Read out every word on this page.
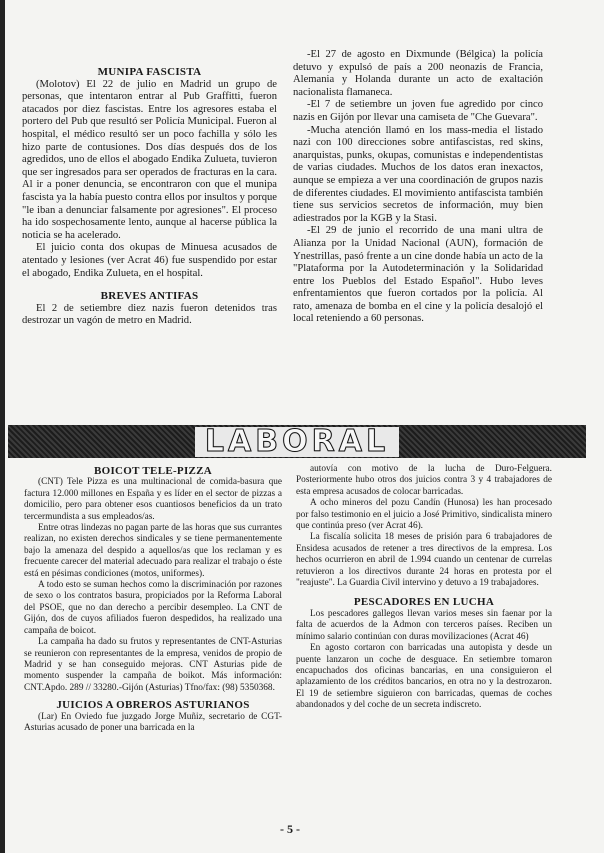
MUNIPA FASCISTA

(Molotov) El 22 de julio en Madrid un grupo de personas, que intentaron entrar al Pub Graffitti, fueron atacados por diez fascistas. Entre los agresores estaba el portero del Pub que resultó ser Policía Municipal. Fueron al hospital, el médico resultó ser un poco fachilla y sólo les hizo parte de contusiones. Dos días después dos de los agredidos, uno de ellos el abogado Endika Zulueta, tuvieron que ser ingresados para ser operados de fracturas en la cara. Al ir a poner denuncia, se encontraron con que el munipa fascista ya la había puesto contra ellos por insultos y porque "le iban a denunciar falsamente por agresiones". El proceso ha ido sospechosamente lento, aunque al hacerse pública la noticia se ha acelerado.

El juicio conta dos okupas de Minuesa acusados de atentado y lesiones (ver Acrat 46) fue suspendido por estar el abogado, Endika Zulueta, en el hospital.

BREVES ANTIFAS

El 2 de setiembre diez nazis fueron detenidos tras destrozar un vagón de metro en Madrid.

-El 27 de agosto en Dixmunde (Bélgica) la policía detuvo y expulsó de país a 200 neonazis de Francia, Alemania y Holanda durante un acto de exaltación nacionalista flamaneca.

-El 7 de setiembre un joven fue agredido por cinco nazis en Gijón por llevar una camiseta de "Che Guevara".

-Mucha atención llamó en los mass-media el listado nazi con 100 direcciones sobre antifascistas, red skins, anarquistas, punks, okupas, comunistas e independentistas de varias ciudades. Muchos de los datos eran inexactos, aunque se empieza a ver una coordinación de grupos nazis de diferentes ciudades. El movimiento antifascista también tiene sus servicios secretos de información, muy bien adiestrados por la KGB y la Stasi.

-El 29 de junio el recorrido de una mani ultra de Alianza por la Unidad Nacional (AUN), formación de Ynestrillas, pasó frente a un cine donde había un acto de la "Plataforma por la Autodeterminación y la Solidaridad entre los Pueblos del Estado Español". Hubo leves enfrentamientos que fueron cortados por la policía. Al rato, amenaza de bomba en el cine y la policía desalojó el local reteniendo a 60 personas.

LABORAL
BOICOT TELE-PIZZA

(CNT) Tele Pizza es una multinacional de comida-basura que factura 12.000 millones en España y es líder en el sector de pizzas a domicilio, pero para obtener esos cuantiosos beneficios da un trato tercermundista a sus empleados/as.

Entre otras lindezas no pagan parte de las horas que sus currantes realizan, no existen derechos sindicales y se tiene permanentemente bajo la amenaza del despido a aquellos/as que los reclaman y es frecuente carecer del material adecuado para realizar el trabajo o éste está en pésimas condiciones (motos, uniformes).

A todo esto se suman hechos como la discriminación por razones de sexo o los contratos basura, propiciados por la Reforma Laboral del PSOE, que no dan derecho a percibir desempleo. La CNT de Gijón, dos de cuyos afiliados fueron despedidos, ha realizado una campaña de boicot.

La campaña ha dado su frutos y representantes de CNT-Asturias se reunieron con representantes de la empresa, venidos de propio de Madrid y se han conseguido mejoras. CNT Asturias pide de momento suspender la campaña de boikot. Más información: CNT.Apdo. 289 // 33280.-Gijón (Asturias) Tfno/fax: (98) 5350368.

JUICIOS A OBREROS ASTURIANOS

(Lar) En Oviedo fue juzgado Jorge Muñiz, secretario de CGT-Asturias acusado de poner una barricada en la

autovía con motivo de la lucha de Duro-Felguera. Posteriormente hubo otros dos juicios contra 3 y 4 trabajadores de esta empresa acusados de colocar barricadas.

A ocho mineros del pozu Candín (Hunosa) les han procesado por falso testimonio en el juicio a José Primitivo, sindicalista minero que continúa preso (ver Acrat 46).

La fiscalía solicita 18 meses de prisión para 6 trabajadores de Ensidesa acusados de retener a tres directivos de la empresa. Los hechos ocurrieron en abril de 1.994 cuando un centenar de currelas retuvieron a los directivos durante 24 horas en protesta por el "reajuste". La Guardia Civil intervino y detuvo a 19 trabajadores.

PESCADORES EN LUCHA

Los pescadores gallegos llevan varios meses sin faenar por la falta de acuerdos de la Admon con terceros países. Reciben un mínimo salario continúan con duras movilizaciones (Acrat 46)

En agosto cortaron con barricadas una autopista y desde un puente lanzaron un coche de desguace. En setiembre tomaron encapuchados dos oficinas bancarias, en una consiguieron el aplazamiento de los créditos bancarios, en otra no y la destrozaron. El 19 de setiembre siguieron con barricadas, quemas de coches abandonados y del coche de un secreta indiscreto.

- 5 -
